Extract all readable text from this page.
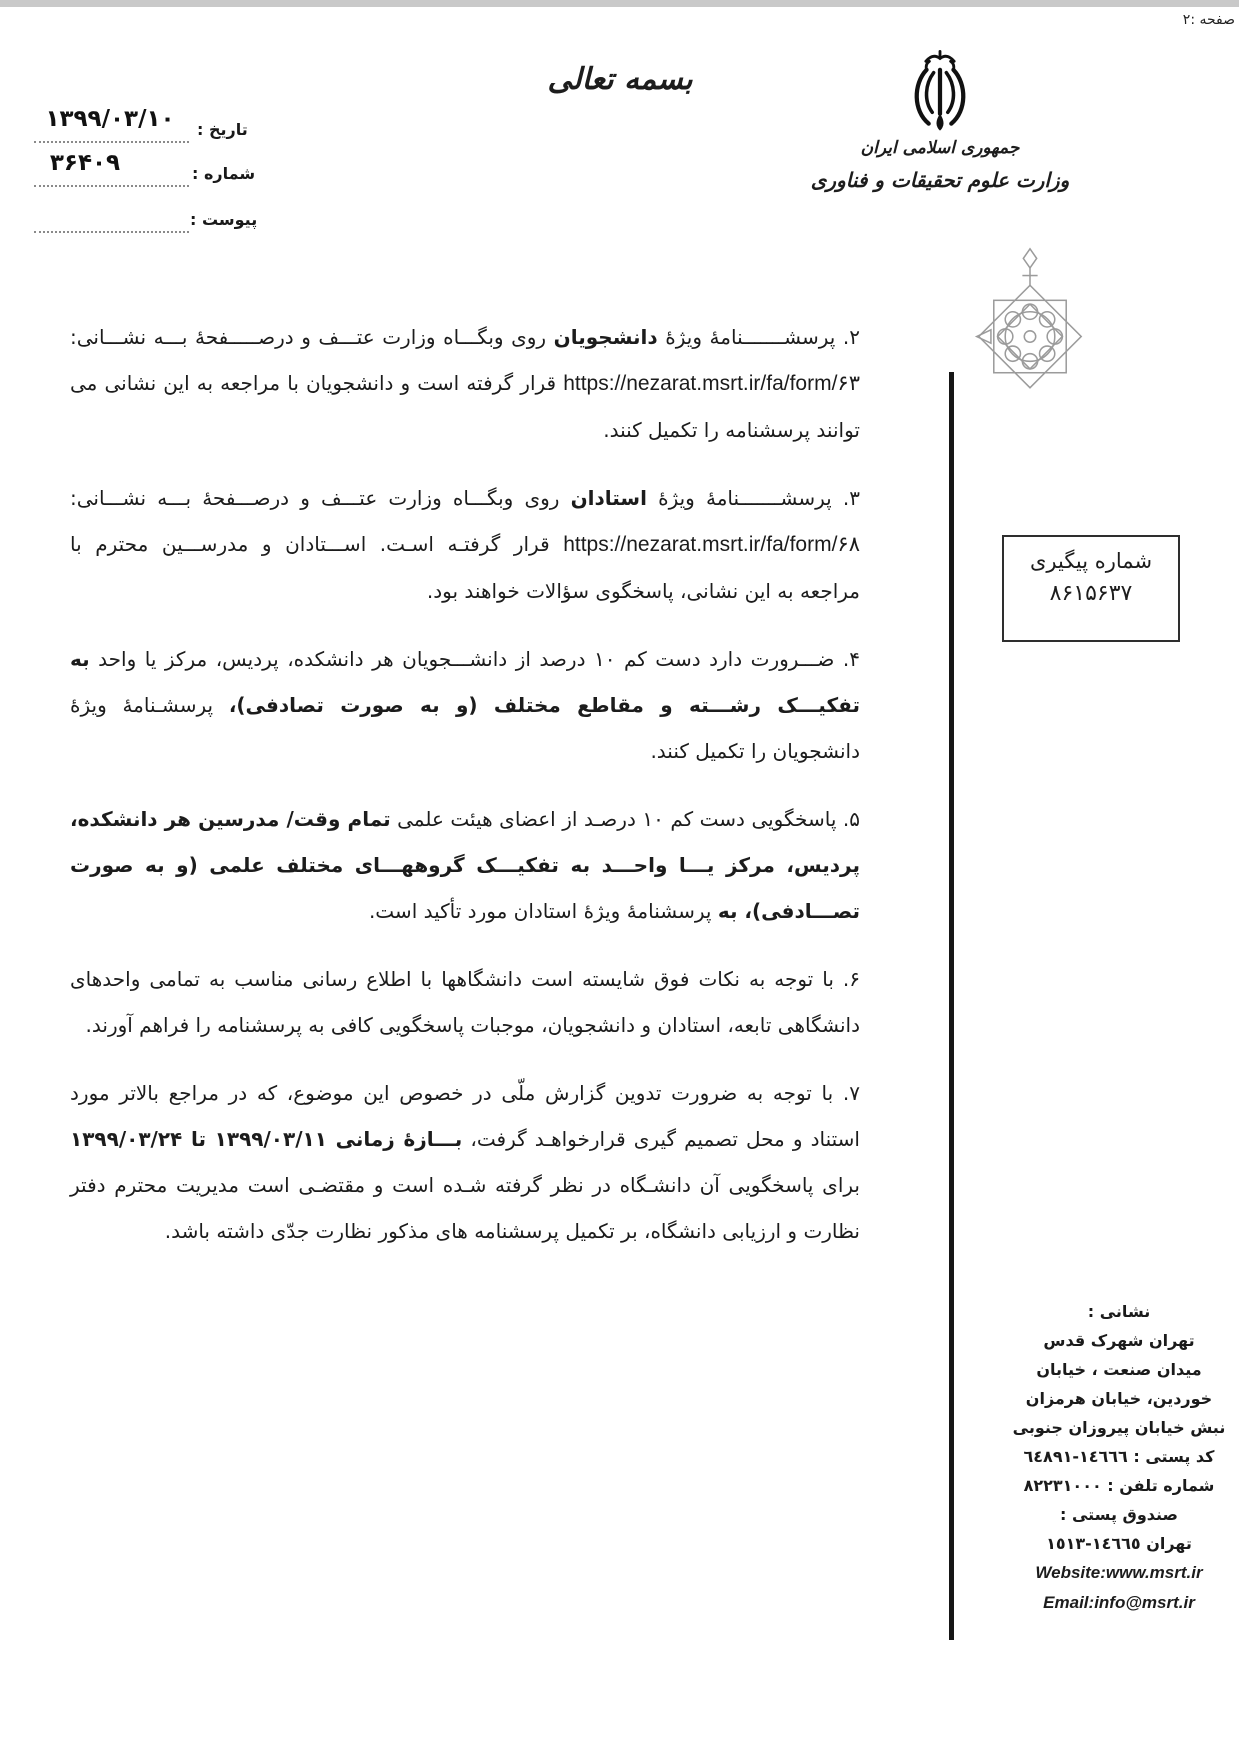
صفحه :۲
جمهوری اسلامی ایران
وزارت علوم تحقیقات و فناوری
بسمه تعالی
تاریخ :
۱۳۹۹/۰۳/۱۰
شماره :
۳۶۴۰۹
پیوست :
شماره پیگیری
۸۶۱۵۶۳۷

۲. پرسشـــــــنامۀ ویژۀ دانشجویان روی وبگـــاه وزارت عتـــف و درصـــــفحۀ بـــه نشـــانی: https://nezarat.msrt.ir/fa/form/۶۳ قرار گرفته است و دانشجویان با مراجعه به این نشانی می توانند پرسشنامه را تکمیل کنند.

۳. پرسشـــــــنامۀ ویژۀ استادان روی وبگـــاه وزارت عتـــف و درصـــفحۀ بـــه نشـــانی: https://nezarat.msrt.ir/fa/form/۶۸ قرار گرفتـه اسـت. اســـتادان و مدرســـین محترم با مراجعه به این نشانی، پاسخگوی سؤالات خواهند بود.

۴. ضـــرورت دارد دست کم ۱۰ درصد از دانشـــجویان هر دانشکده، پردیس، مرکز یا واحد به تفکیـــک رشـــته و مقاطع مختلف (و به صورت تصادفی)، پرسشـنامۀ ویژۀ دانشجویان را تکمیل کنند.

۵. پاسخگویی دست کم ۱۰ درصـد از اعضای هیئت علمی تمام وقت/ مدرسین هر دانشکده، پردیس، مرکز یـــا واحـــد به تفکیـــک گروههـــای مختلف علمی (و به صورت تصـــادفی)، به پرسشنامۀ ویژۀ استادان مورد تأکید است.

۶. با توجه به نکات فوق شایسته است دانشگاهها با اطلاع رسانی مناسب به تمامی واحدهای دانشگاهی تابعه، استادان و دانشجویان، موجبات پاسخگویی کافی به پرسشنامه را فراهم آورند.

۷. با توجه به ضرورت تدوین گزارش ملّی در خصوص این موضوع، که در مراجع بالاتر مورد استناد و محل تصمیم گیری قرارخواهـد گرفت، بـــازۀ زمانی ۱۳۹۹/۰۳/۱۱ تا ۱۳۹۹/۰۳/۲۴ برای پاسخگویی آن دانشـگاه در نظر گرفته شـده است و مقتضـی است مدیریت محترم دفتر نظارت و ارزیابی دانشگاه، بر تکمیل پرسشنامه های مذکور نظارت جدّی داشته باشد.

نشانی :
تهران شهرک قدس
میدان صنعت ، خیابان
خوردین، خیابان هرمزان
نبش خیابان پیروزان جنوبی
کد پستی : ١٤٦٦٦-٦٤٨٩١
شماره تلفن : ٨٢٢٣١٠٠٠
صندوق پستی :
تهران ١٤٦٦٥-١٥١٣
Website:www.msrt.ir
Email:info@msrt.ir
